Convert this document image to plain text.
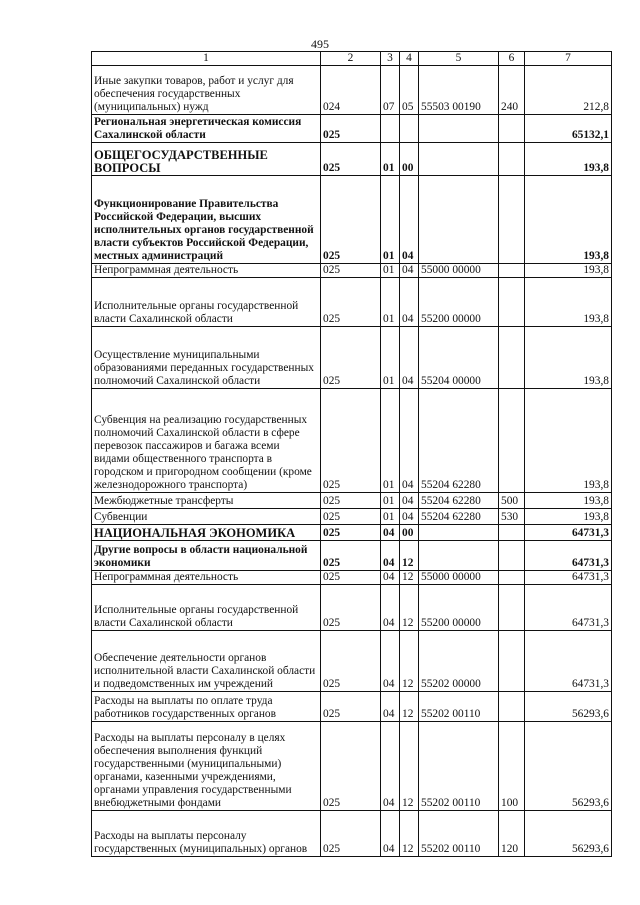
495
1	2	3	4	5	6	7
Иные закупки товаров, работ и услуг для обеспечения государственных (муниципальных) нужд	024	07	05	55503 00190	240	212,8
Региональная энергетическая комиссия Сахалинской области	025					65132,1
ОБЩЕГОСУДАРСТВЕННЫЕ ВОПРОСЫ	025	01	00			193,8
Функционирование Правительства Российской Федерации, высших исполнительных органов государственной власти субъектов Российской Федерации, местных администраций	025	01	04			193,8
Непрограммная деятельность	025	01	04	55000 00000		193,8
Исполнительные органы государственной власти Сахалинской области	025	01	04	55200 00000		193,8
Осуществление муниципальными образованиями переданных государственных полномочий Сахалинской области	025	01	04	55204 00000		193,8
Субвенция на реализацию государственных полномочий Сахалинской области в сфере перевозок пассажиров и багажа всеми видами общественного транспорта в городском и пригородном сообщении (кроме железнодорожного транспорта)	025	01	04	55204 62280		193,8
Межбюджетные трансферты	025	01	04	55204 62280	500	193,8
Субвенции	025	01	04	55204 62280	530	193,8
НАЦИОНАЛЬНАЯ ЭКОНОМИКА	025	04	00			64731,3
Другие вопросы в области национальной экономики	025	04	12			64731,3
Непрограммная деятельность	025	04	12	55000 00000		64731,3
Исполнительные органы государственной власти Сахалинской области	025	04	12	55200 00000		64731,3
Обеспечение деятельности органов исполнительной власти Сахалинской области и подведомственных им учреждений	025	04	12	55202 00000		64731,3
Расходы на выплаты по оплате труда работников государственных органов	025	04	12	55202 00110		56293,6
Расходы на выплаты персоналу в целях обеспечения выполнения функций государственными (муниципальными) органами, казенными учреждениями, органами управления государственными внебюджетными фондами	025	04	12	55202 00110	100	56293,6
Расходы на выплаты персоналу государственных (муниципальных) органов	025	04	12	55202 00110	120	56293,6
